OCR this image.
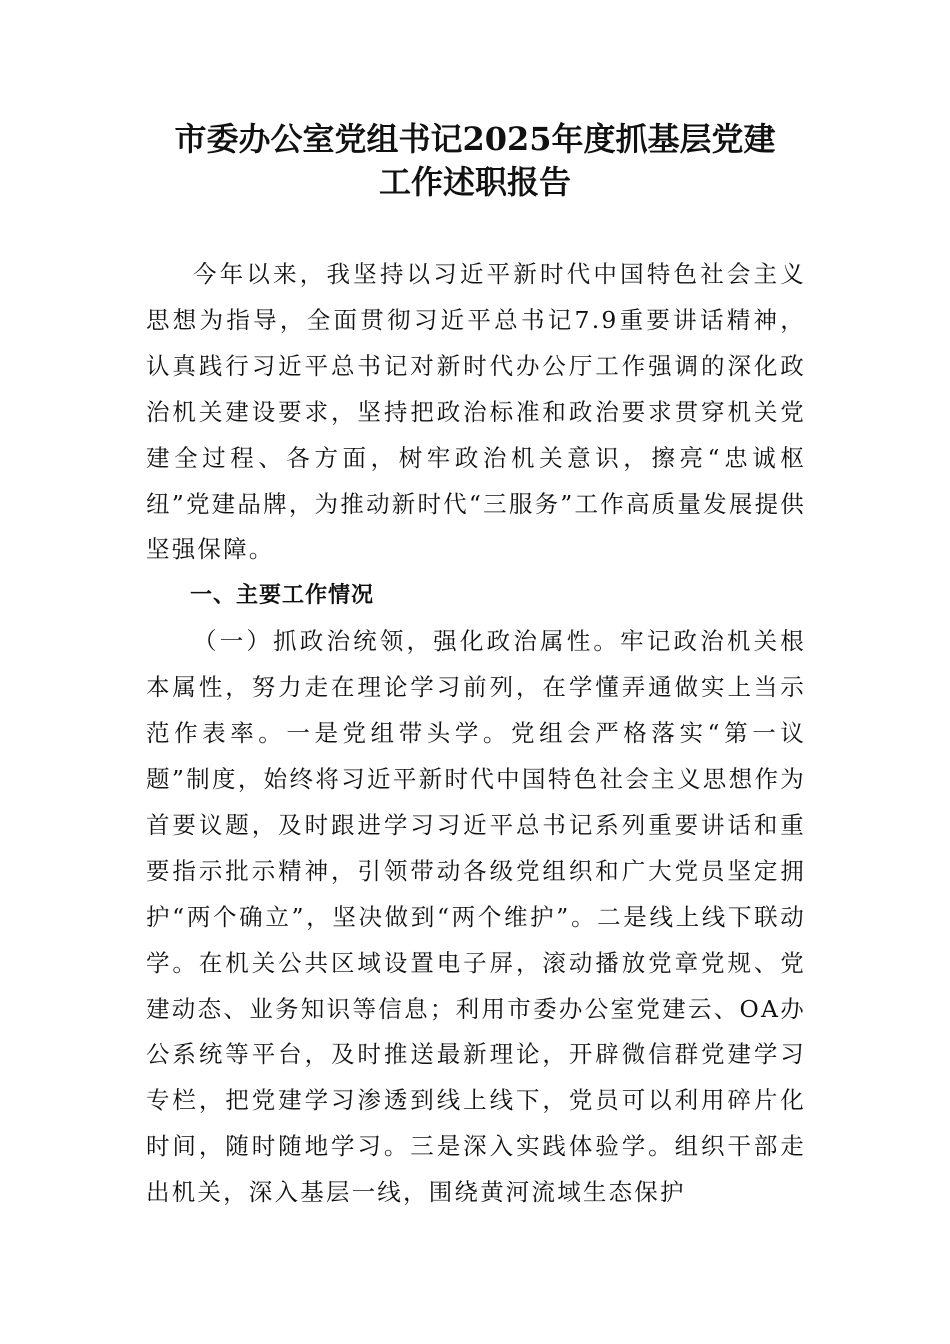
市委办公室党组书记2025年度抓基层党建
工作述职报告

今年以来，我坚持以习近平新时代中国特色社会主义思想为指导，全面贯彻习近平总书记7.9重要讲话精神，认真践行习近平总书记对新时代办公厅工作强调的深化政治机关建设要求，坚持把政治标准和政治要求贯穿机关党建全过程、各方面，树牢政治机关意识，擦亮“忠诚枢纽”党建品牌，为推动新时代“三服务”工作高质量发展提供坚强保障。

一、主要工作情况

（一）抓政治统领，强化政治属性。牢记政治机关根本属性，努力走在理论学习前列，在学懂弄通做实上当示范作表率。一是党组带头学。党组会严格落实“第一议题”制度，始终将习近平新时代中国特色社会主义思想作为首要议题，及时跟进学习习近平总书记系列重要讲话和重要指示批示精神，引领带动各级党组织和广大党员坚定拥护“两个确立”，坚决做到“两个维护”。二是线上线下联动学。在机关公共区域设置电子屏，滚动播放党章党规、党建动态、业务知识等信息；利用市委办公室党建云、OA办公系统等平台，及时推送最新理论，开辟微信群党建学习专栏，把党建学习渗透到线上线下，党员可以利用碎片化时间，随时随地学习。三是深入实践体验学。组织干部走出机关，深入基层一线，围绕黄河流域生态保护
